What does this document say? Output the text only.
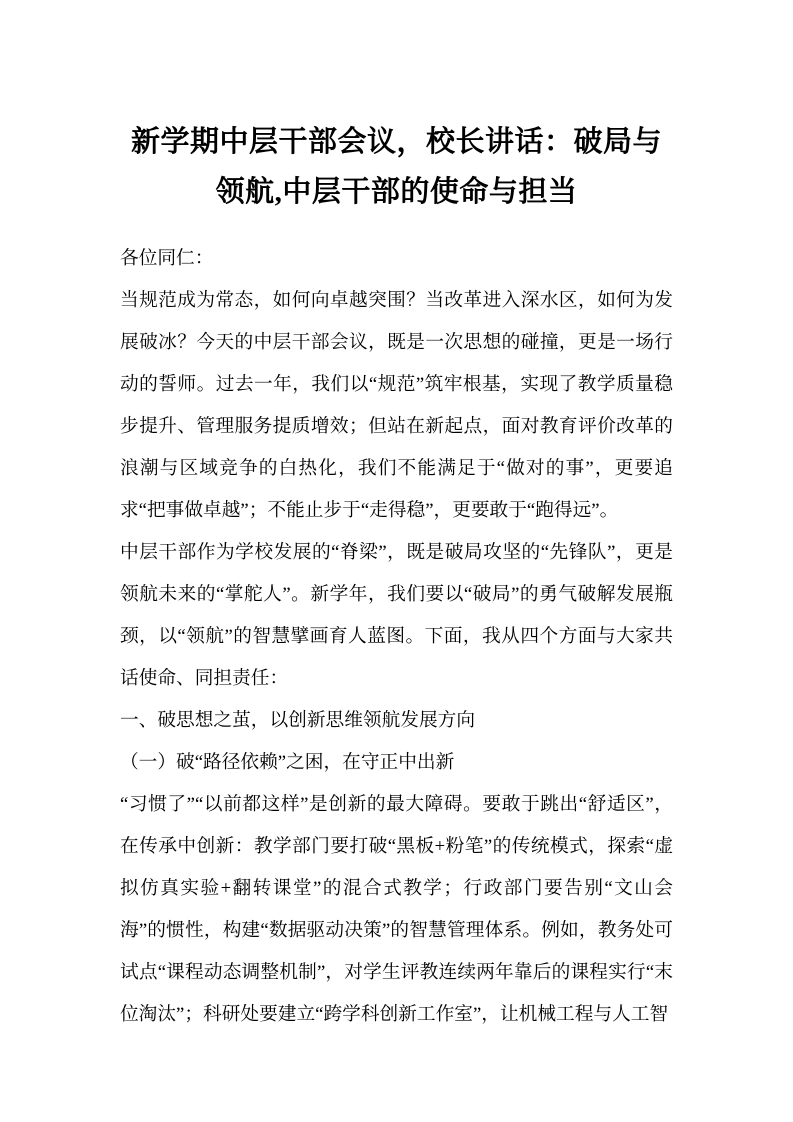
新学期中层干部会议，校长讲话：破局与领航,中层干部的使命与担当

各位同仁：

当规范成为常态，如何向卓越突围？当改革进入深水区，如何为发展破冰？今天的中层干部会议，既是一次思想的碰撞，更是一场行动的誓师。过去一年，我们以“规范”筑牢根基，实现了教学质量稳步提升、管理服务提质增效；但站在新起点，面对教育评价改革的浪潮与区域竞争的白热化，我们不能满足于“做对的事”，更要追求“把事做卓越”；不能止步于“走得稳”，更要敢于“跑得远”。

中层干部作为学校发展的“脊梁”，既是破局攻坚的“先锋队”，更是领航未来的“掌舵人”。新学年，我们要以“破局”的勇气破解发展瓶颈，以“领航”的智慧擘画育人蓝图。下面，我从四个方面与大家共话使命、同担责任：

一、破思想之茧，以创新思维领航发展方向

（一）破“路径依赖”之困，在守正中出新

“习惯了”“以前都这样”是创新的最大障碍。要敢于跳出“舒适区”，在传承中创新：教学部门要打破“黑板+粉笔”的传统模式，探索“虚拟仿真实验+翻转课堂”的混合式教学；行政部门要告别“文山会海”的惯性，构建“数据驱动决策”的智慧管理体系。例如，教务处可试点“课程动态调整机制”，对学生评教连续两年靠后的课程实行“末位淘汰”；科研处要建立“跨学科创新工作室”，让机械工程与人工智
